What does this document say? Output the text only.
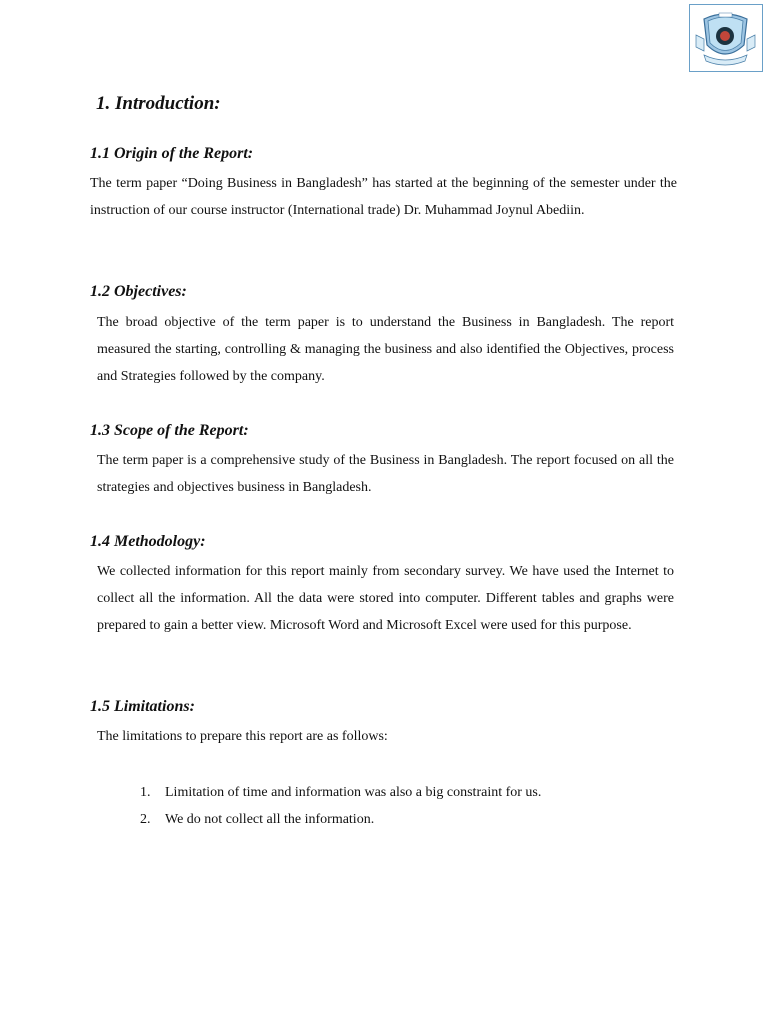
1. Introduction:
1.1 Origin of the Report:

The term paper “Doing Business in Bangladesh” has started at the beginning of the semester under the instruction of our course instructor (International trade) Dr. Muhammad Joynul Abediin.

1.2 Objectives:

The broad objective of the term paper is to understand the Business in Bangladesh. The report measured the starting, controlling & managing the business and also identified the Objectives, process and Strategies followed by the company.

1.3 Scope of the Report:

The term paper is a comprehensive study of the Business in Bangladesh. The report focused on all the strategies and objectives business in Bangladesh.

1.4 Methodology:

We collected information for this report mainly from secondary survey. We have used the Internet to collect all the information. All the data were stored into computer. Different tables and graphs were prepared to gain a better view. Microsoft Word and Microsoft Excel were used for this purpose.

1.5 Limitations:

The limitations to prepare this report are as follows:

1. Limitation of time and information was also a big constraint for us.
2. We do not collect all the information.
